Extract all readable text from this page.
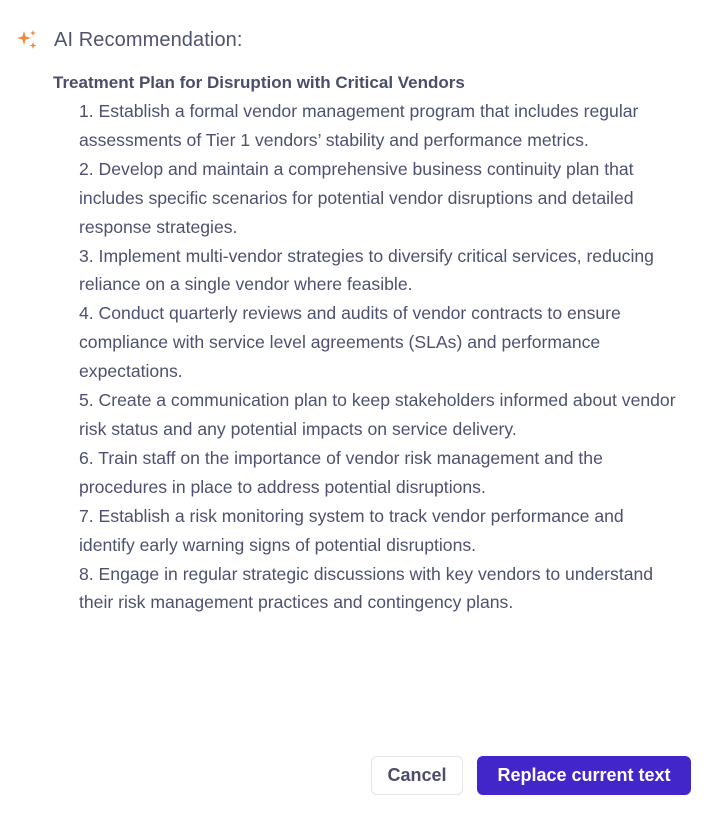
AI Recommendation:

Treatment Plan for Disruption with Critical Vendors

1. Establish a formal vendor management program that includes regular assessments of Tier 1 vendors’ stability and performance metrics.
2. Develop and maintain a comprehensive business continuity plan that includes specific scenarios for potential vendor disruptions and detailed response strategies.
3. Implement multi-vendor strategies to diversify critical services, reducing reliance on a single vendor where feasible.
4. Conduct quarterly reviews and audits of vendor contracts to ensure compliance with service level agreements (SLAs) and performance expectations.
5. Create a communication plan to keep stakeholders informed about vendor risk status and any potential impacts on service delivery.
6. Train staff on the importance of vendor risk management and the procedures in place to address potential disruptions.
7. Establish a risk monitoring system to track vendor performance and identify early warning signs of potential disruptions.
8. Engage in regular strategic discussions with key vendors to understand their risk management practices and contingency plans.
Cancel	Replace current text
